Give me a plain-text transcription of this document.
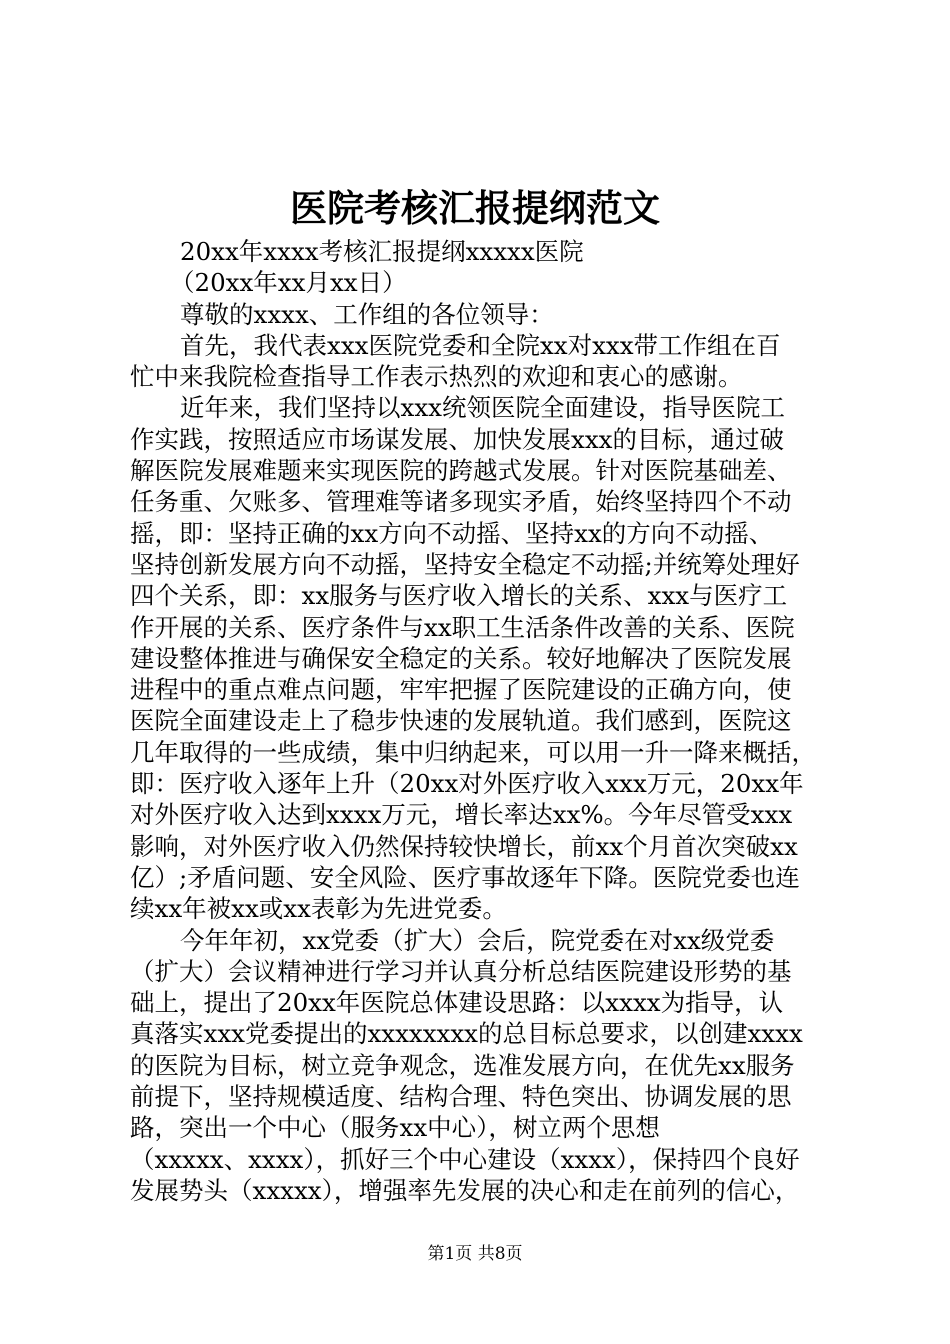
医院考核汇报提纲范文
20xx年xxxx考核汇报提纲xxxxx医院
（20xx年xx月xx日）
尊敬的xxxx、工作组的各位领导：
首先，我代表xxx医院党委和全院xx对xxx带工作组在百
忙中来我院检查指导工作表示热烈的欢迎和衷心的感谢。
近年来，我们坚持以xxx统领医院全面建设，指导医院工
作实践，按照适应市场谋发展、加快发展xxx的目标，通过破
解医院发展难题来实现医院的跨越式发展。针对医院基础差、
任务重、欠账多、管理难等诸多现实矛盾，始终坚持四个不动
摇，即：坚持正确的xx方向不动摇、坚持xx的方向不动摇、
坚持创新发展方向不动摇，坚持安全稳定不动摇;并统筹处理好
四个关系，即：xx服务与医疗收入增长的关系、xxx与医疗工
作开展的关系、医疗条件与xx职工生活条件改善的关系、医院
建设整体推进与确保安全稳定的关系。较好地解决了医院发展
进程中的重点难点问题，牢牢把握了医院建设的正确方向，使
医院全面建设走上了稳步快速的发展轨道。我们感到，医院这
几年取得的一些成绩，集中归纳起来，可以用一升一降来概括，
即：医疗收入逐年上升（20xx对外医疗收入xxx万元，20xx年
对外医疗收入达到xxxx万元，增长率达xx%。今年尽管受xxx
影响，对外医疗收入仍然保持较快增长，前xx个月首次突破xx
亿）;矛盾问题、安全风险、医疗事故逐年下降。医院党委也连
续xx年被xx或xx表彰为先进党委。
今年年初，xx党委（扩大）会后，院党委在对xx级党委
（扩大）会议精神进行学习并认真分析总结医院建设形势的基
础上，提出了20xx年医院总体建设思路：以xxxx为指导，认
真落实xxx党委提出的xxxxxxxx的总目标总要求，以创建xxxx
的医院为目标，树立竞争观念，选准发展方向，在优先xx服务
前提下，坚持规模适度、结构合理、特色突出、协调发展的思
路，突出一个中心（服务xx中心），树立两个思想
（xxxxx、xxxx），抓好三个中心建设（xxxx），保持四个良好
发展势头（xxxxx），增强率先发展的决心和走在前列的信心，
第1页 共8页
